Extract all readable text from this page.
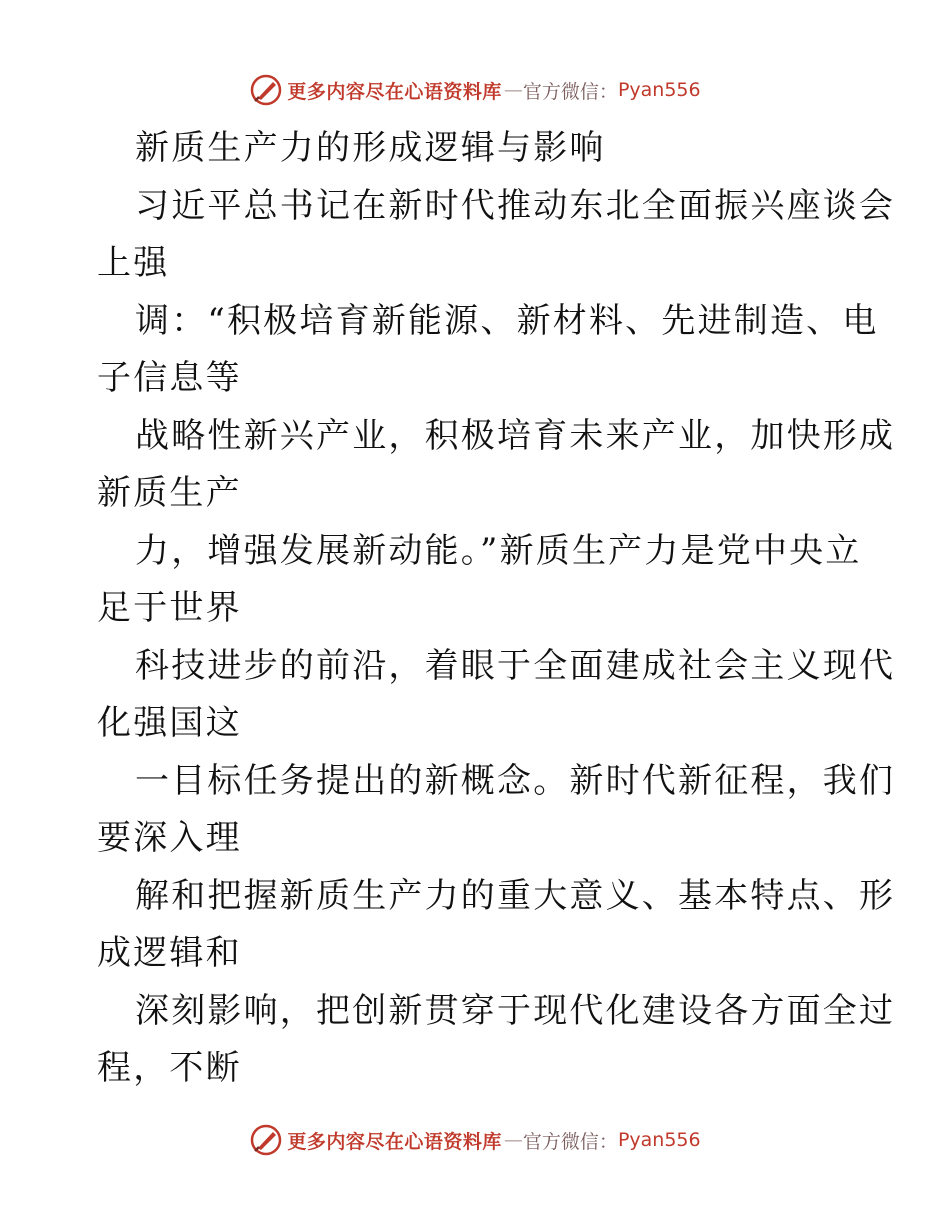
更多内容尽在心语资料库 — 官方微信： Pyan556
新质生产力的形成逻辑与影响
习近平总书记在新时代推动东北全面振兴座谈会
上强
调：“积极培育新能源、新材料、先进制造、电
子信息等
战略性新兴产业，积极培育未来产业，加快形成
新质生产
力，增强发展新动能。”新质生产力是党中央立
足于世界
科技进步的前沿，着眼于全面建成社会主义现代
化强国这
一目标任务提出的新概念。新时代新征程，我们
要深入理
解和把握新质生产力的重大意义、基本特点、形
成逻辑和
深刻影响，把创新贯穿于现代化建设各方面全过
程，不断
更多内容尽在心语资料库 — 官方微信： Pyan556
